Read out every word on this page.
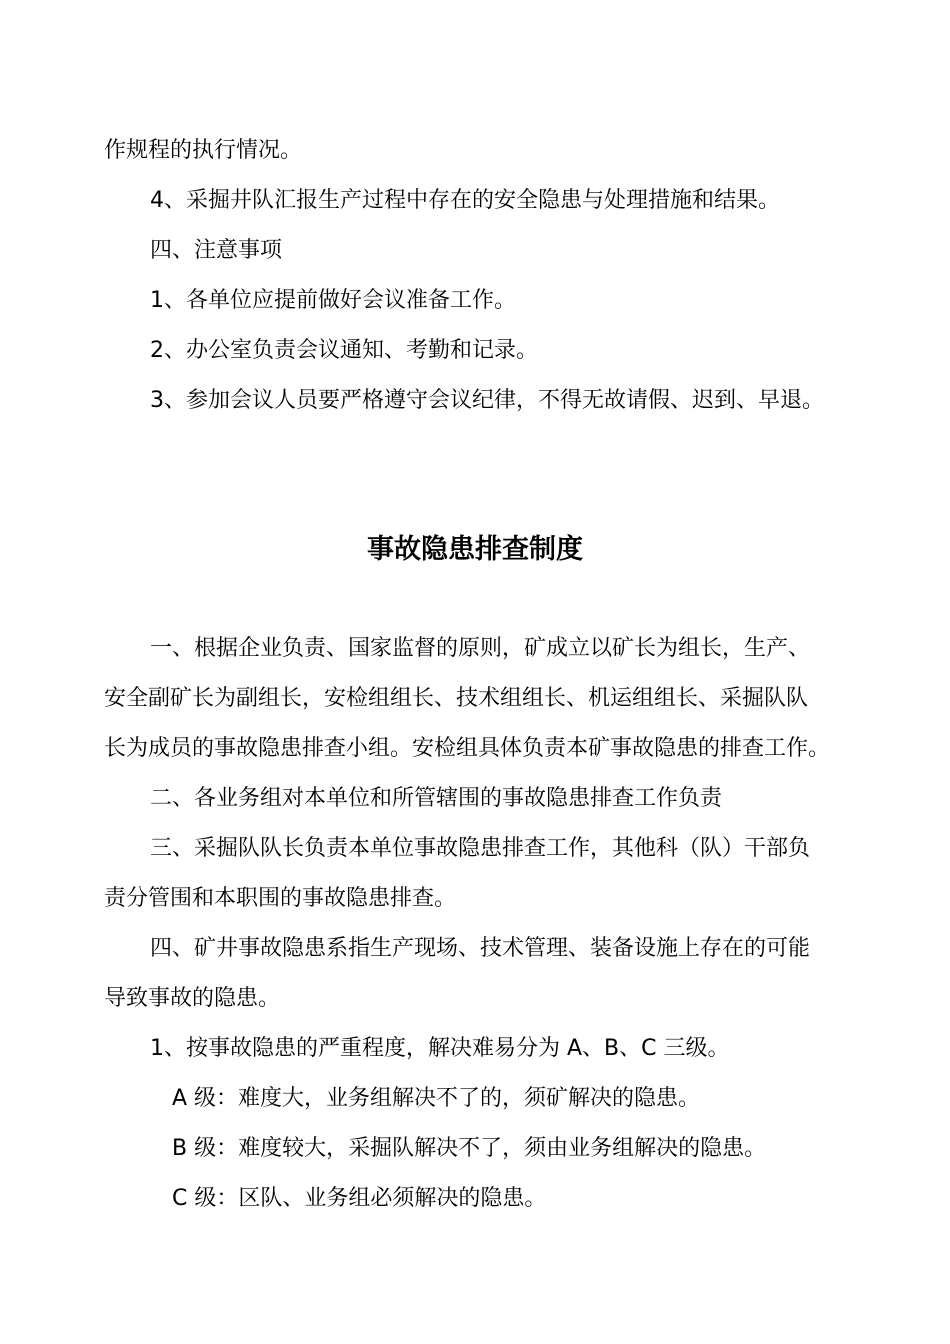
作规程的执行情况。
4、采掘井队汇报生产过程中存在的安全隐患与处理措施和结果。
四、注意事项
1、各单位应提前做好会议准备工作。
2、办公室负责会议通知、考勤和记录。
3、参加会议人员要严格遵守会议纪律，不得无故请假、迟到、早退。
事故隐患排查制度
一、根据企业负责、国家监督的原则，矿成立以矿长为组长，生产、
安全副矿长为副组长，安检组组长、技术组组长、机运组组长、采掘队队
长为成员的事故隐患排查小组。安检组具体负责本矿事故隐患的排查工作。
二、各业务组对本单位和所管辖围的事故隐患排查工作负责
三、采掘队队长负责本单位事故隐患排查工作，其他科（队）干部负
责分管围和本职围的事故隐患排查。
四、矿井事故隐患系指生产现场、技术管理、装备设施上存在的可能
导致事故的隐患。
1、按事故隐患的严重程度，解决难易分为 A、B、C 三级。
A 级：难度大，业务组解决不了的，须矿解决的隐患。
B 级：难度较大，采掘队解决不了，须由业务组解决的隐患。
C 级：区队、业务组必须解决的隐患。
